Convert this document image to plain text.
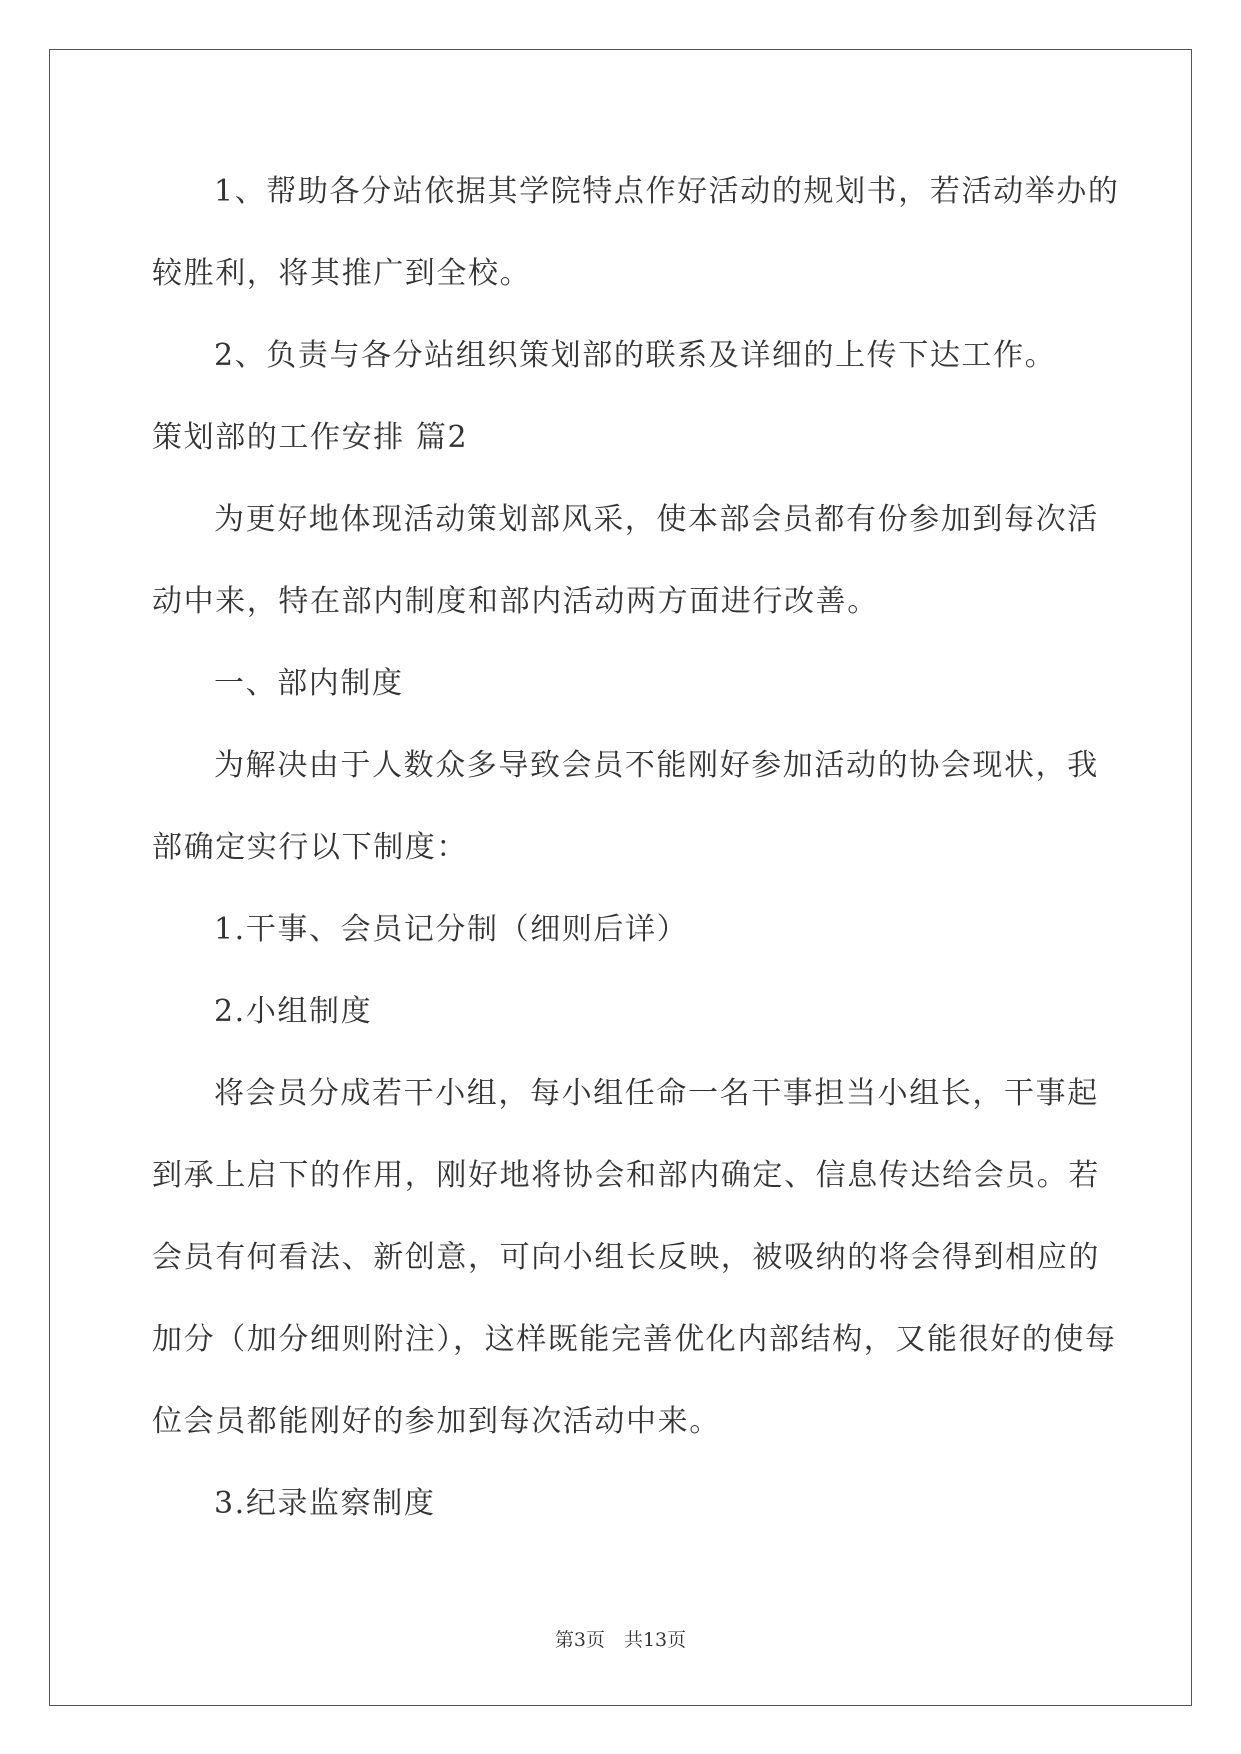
1、帮助各分站依据其学院特点作好活动的规划书，若活动举办的
较胜利，将其推广到全校。
2、负责与各分站组织策划部的联系及详细的上传下达工作。
策划部的工作安排 篇2
为更好地体现活动策划部风采，使本部会员都有份参加到每次活
动中来，特在部内制度和部内活动两方面进行改善。
一、部内制度
为解决由于人数众多导致会员不能刚好参加活动的协会现状，我
部确定实行以下制度：
1.干事、会员记分制（细则后详）
2.小组制度
将会员分成若干小组，每小组任命一名干事担当小组长，干事起
到承上启下的作用，刚好地将协会和部内确定、信息传达给会员。若
会员有何看法、新创意，可向小组长反映，被吸纳的将会得到相应的
加分（加分细则附注），这样既能完善优化内部结构，又能很好的使每
位会员都能刚好的参加到每次活动中来。
3.纪录监察制度
第3页　共13页
